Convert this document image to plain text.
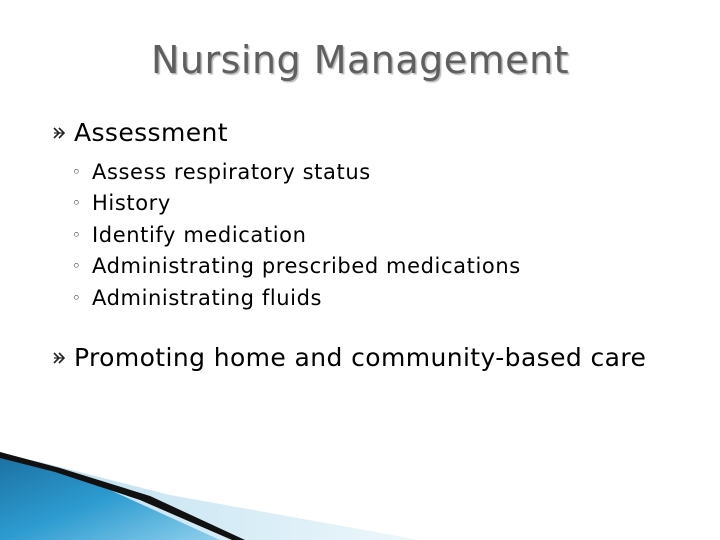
Nursing Management
Assessment
◦ Assess respiratory status
◦ History
◦ Identify medication
◦ Administrating prescribed medications
◦ Administrating fluids
Promoting home and community-based care
